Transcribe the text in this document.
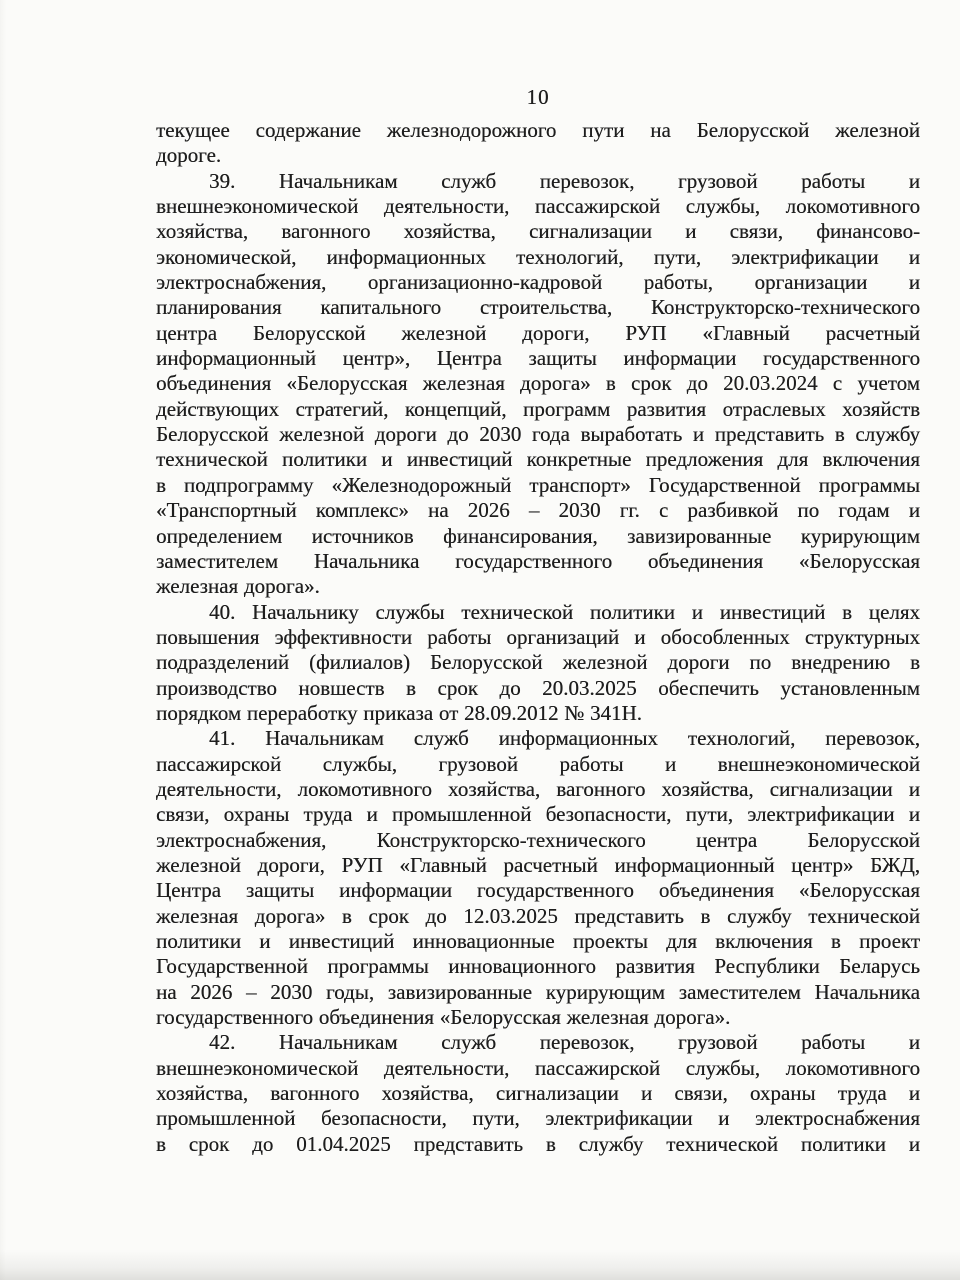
10
текущее содержание железнодорожного пути на Белорусской железной
дороге.
39. Начальникам служб перевозок, грузовой работы и
внешнеэкономической деятельности, пассажирской службы, локомотивного
хозяйства, вагонного хозяйства, сигнализации и связи, финансово-
экономической, информационных технологий, пути, электрификации и
электроснабжения, организационно-кадровой работы, организации и
планирования капитального строительства, Конструкторско-технического
центра Белорусской железной дороги, РУП «Главный расчетный
информационный центр», Центра защиты информации государственного
объединения «Белорусская железная дорога» в срок до 20.03.2024 с учетом
действующих стратегий, концепций, программ развития отраслевых хозяйств
Белорусской железной дороги до 2030 года выработать и представить в службу
технической политики и инвестиций конкретные предложения для включения
в подпрограмму «Железнодорожный транспорт» Государственной программы
«Транспортный комплекс» на 2026 – 2030 гг. с разбивкой по годам и
определением источников финансирования, завизированные курирующим
заместителем Начальника государственного объединения «Белорусская
железная дорога».
40. Начальнику службы технической политики и инвестиций в целях
повышения эффективности работы организаций и обособленных структурных
подразделений (филиалов) Белорусской железной дороги по внедрению в
производство новшеств в срок до 20.03.2025 обеспечить установленным
порядком переработку приказа от 28.09.2012 № 341Н.
41. Начальникам служб информационных технологий, перевозок,
пассажирской службы, грузовой работы и внешнеэкономической
деятельности, локомотивного хозяйства, вагонного хозяйства, сигнализации и
связи, охраны труда и промышленной безопасности, пути, электрификации и
электроснабжения, Конструкторско-технического центра Белорусской
железной дороги, РУП «Главный расчетный информационный центр» БЖД,
Центра защиты информации государственного объединения «Белорусская
железная дорога» в срок до 12.03.2025 представить в службу технической
политики и инвестиций инновационные проекты для включения в проект
Государственной программы инновационного развития Республики Беларусь
на 2026 – 2030 годы, завизированные курирующим заместителем Начальника
государственного объединения «Белорусская железная дорога».
42. Начальникам служб перевозок, грузовой работы и
внешнеэкономической деятельности, пассажирской службы, локомотивного
хозяйства, вагонного хозяйства, сигнализации и связи, охраны труда и
промышленной безопасности, пути, электрификации и электроснабжения
в срок до 01.04.2025 представить в службу технической политики и
